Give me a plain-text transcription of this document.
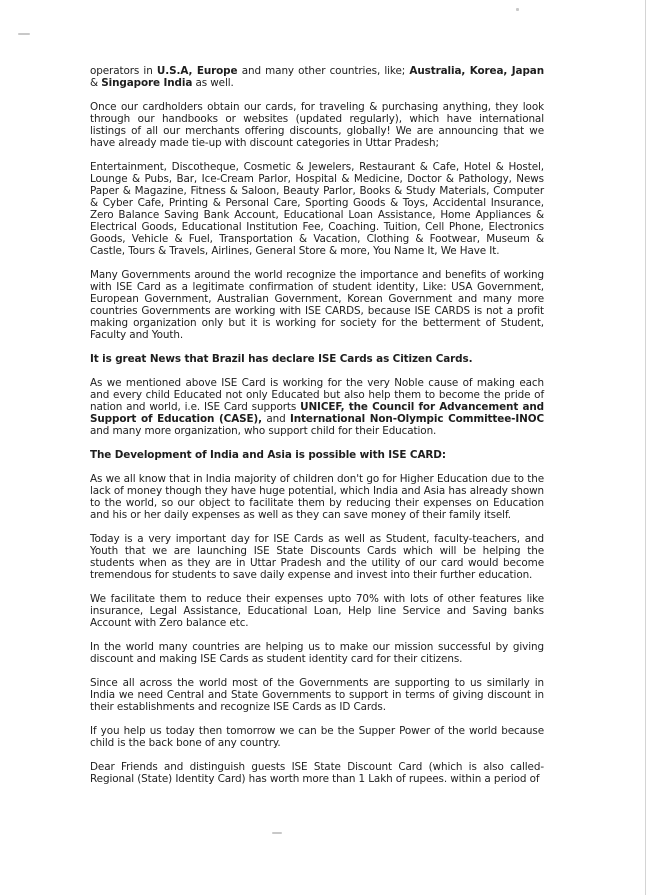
operators in U.S.A, Europe and many other countries, like; Australia, Korea, Japan & Singapore India as well.

Once our cardholders obtain our cards, for traveling & purchasing anything, they look through our handbooks or websites (updated regularly), which have international listings of all our merchants offering discounts, globally! We are announcing that we have already made tie-up with discount categories in Uttar Pradesh;

Entertainment, Discotheque, Cosmetic & Jewelers, Restaurant & Cafe, Hotel & Hostel, Lounge & Pubs, Bar, Ice-Cream Parlor, Hospital & Medicine, Doctor & Pathology, News Paper & Magazine, Fitness & Saloon, Beauty Parlor, Books & Study Materials, Computer & Cyber Cafe, Printing & Personal Care, Sporting Goods & Toys, Accidental Insurance, Zero Balance Saving Bank Account, Educational Loan Assistance, Home Appliances & Electrical Goods, Educational Institution Fee, Coaching. Tuition, Cell Phone, Electronics Goods, Vehicle & Fuel, Transportation & Vacation, Clothing & Footwear, Museum & Castle, Tours & Travels, Airlines, General Store & more, You Name It, We Have It.

Many Governments around the world recognize the importance and benefits of working with ISE Card as a legitimate confirmation of student identity, Like: USA Government, European Government, Australian Government, Korean Government and many more countries Governments are working with ISE CARDS, because ISE CARDS is not a profit making organization only but it is working for society for the betterment of Student, Faculty and Youth.

It is great News that Brazil has declare ISE Cards as Citizen Cards.

As we mentioned above ISE Card is working for the very Noble cause of making each and every child Educated not only Educated but also help them to become the pride of nation and world, i.e. ISE Card supports UNICEF, the Council for Advancement and Support of Education (CASE), and International Non-Olympic Committee-INOC and many more organization, who support child for their Education.

The Development of India and Asia is possible with ISE CARD:

As we all know that in India majority of children don't go for Higher Education due to the lack of money though they have huge potential, which India and Asia has already shown to the world, so our object to facilitate them by reducing their expenses on Education and his or her daily expenses as well as they can save money of their family itself.

Today is a very important day for ISE Cards as well as Student, faculty-teachers, and Youth that we are launching ISE State Discounts Cards which will be helping the students when as they are in Uttar Pradesh and the utility of our card would become tremendous for students to save daily expense and invest into their further education.

We facilitate them to reduce their expenses upto 70% with lots of other features like insurance, Legal Assistance, Educational Loan, Help line Service and Saving banks Account with Zero balance etc.

In the world many countries are helping us to make our mission successful by giving discount and making ISE Cards as student identity card for their citizens.

Since all across the world most of the Governments are supporting to us similarly in India we need Central and State Governments to support in terms of giving discount in their establishments and recognize ISE Cards as ID Cards.

If you help us today then tomorrow we can be the Supper Power of the world because child is the back bone of any country.

Dear Friends and distinguish guests ISE State Discount Card (which is also called-Regional (State) Identity Card) has worth more than 1 Lakh of rupees. within a period of
